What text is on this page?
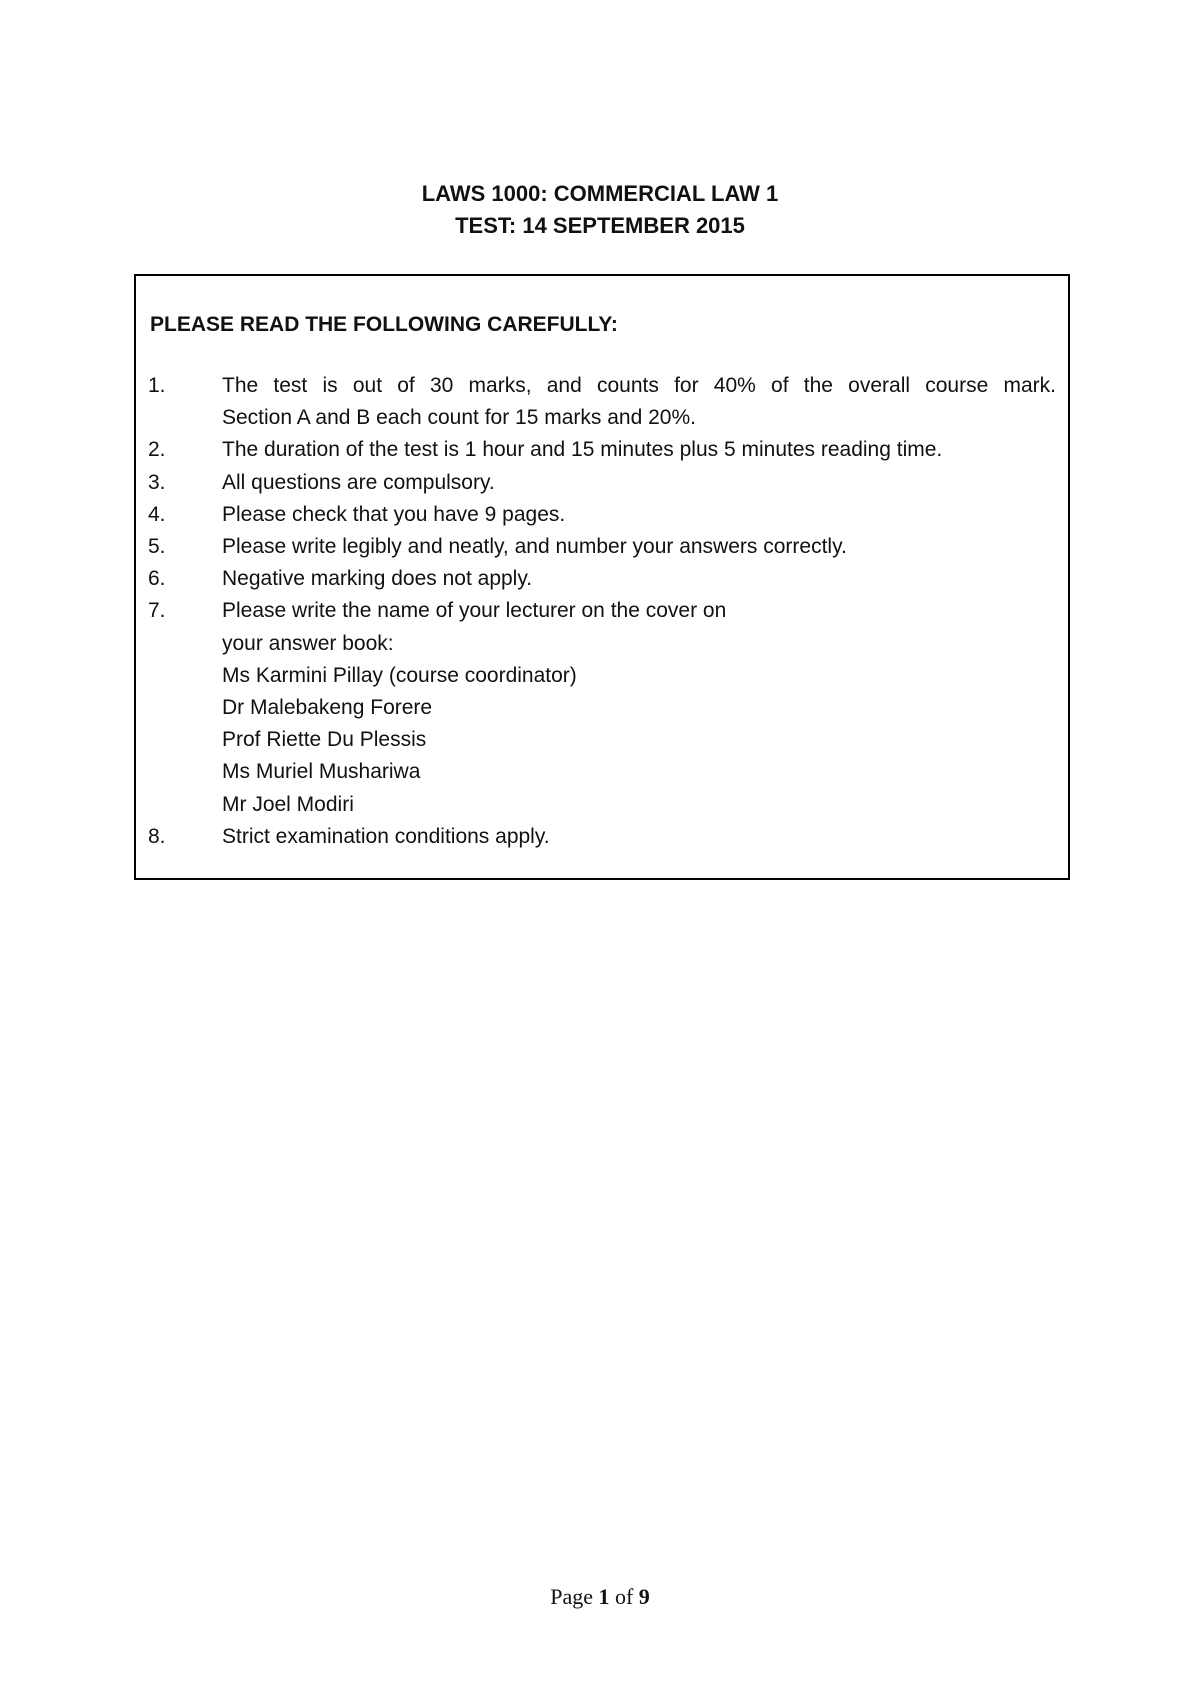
LAWS 1000: COMMERCIAL LAW 1
TEST: 14 SEPTEMBER 2015
PLEASE READ THE FOLLOWING CAREFULLY:
1.	The test is out of 30 marks, and counts for 40% of the overall course mark.
Section A and B each count for 15 marks and 20%.
2.	The duration of the test is 1 hour and 15 minutes plus 5 minutes reading time.
3.	All questions are compulsory.
4.	Please check that you have 9 pages.
5.	Please write legibly and neatly, and number your answers correctly.
6.	Negative marking does not apply.
7.	Please write the name of your lecturer on the cover on
your answer book:
Ms Karmini Pillay (course coordinator)
Dr Malebakeng Forere
Prof Riette Du Plessis
Ms Muriel Mushariwa
Mr Joel Modiri
8.	Strict examination conditions apply.
Page 1 of 9
